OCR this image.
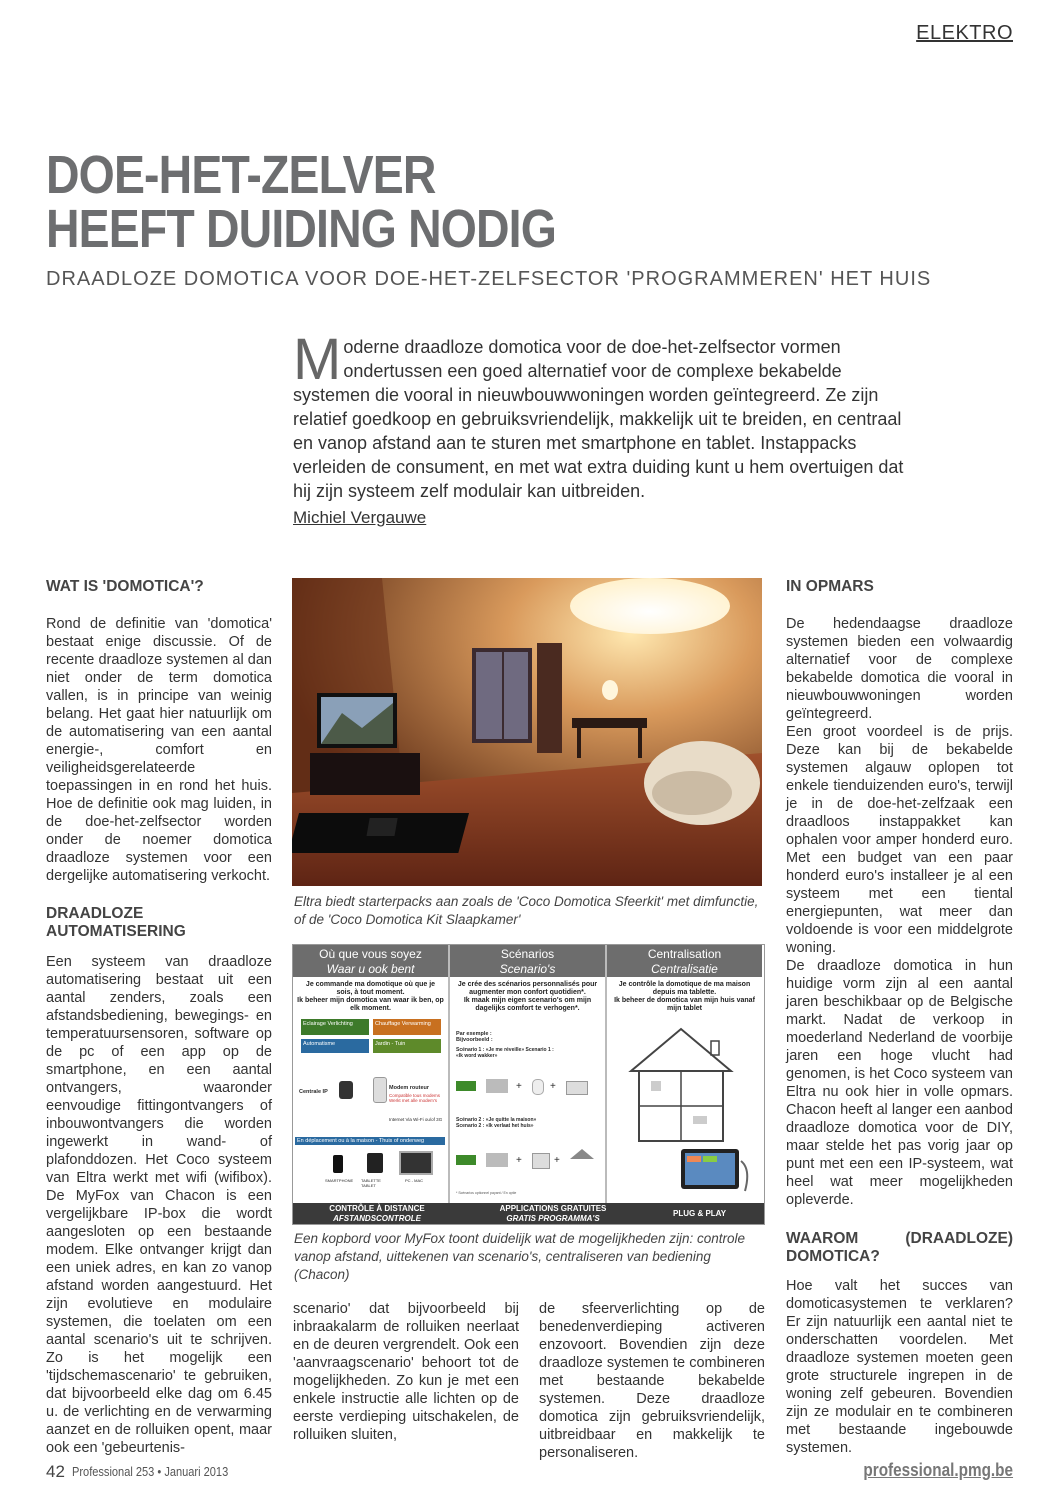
ELEKTRO
DOE-HET-ZELVER
HEEFT DUIDING NODIG
DRAADLOZE DOMOTICA VOOR DOE-HET-ZELFSECTOR 'PROGRAMMEREN' HET HUIS
Moderne draadloze domotica voor de doe-het-zelfsector vormen ondertussen een goed alternatief voor de complexe bekabelde systemen die vooral in nieuwbouwwoningen worden geïntegreerd. Ze zijn relatief goedkoop en gebruiksvriendelijk, makkelijk uit te breiden, en centraal en vanop afstand aan te sturen met smartphone en tablet. Instappacks verleiden de consument, en met wat extra duiding kunt u hem overtuigen dat hij zijn systeem zelf modulair kan uitbreiden.
Michiel Vergauwe

WAT IS 'DOMOTICA'?

Rond de definitie van 'domotica' bestaat enige discussie. Of de recente draadloze systemen al dan niet onder de term domotica vallen, is in principe van weinig belang. Het gaat hier natuurlijk om de automatisering van een aantal energie-, comfort en veiligheidsgerelateerde toepassingen in en rond het huis. Hoe de definitie ook mag luiden, in de doe-het-zelfsector worden onder de noemer domotica draadloze systemen voor een dergelijke automatisering verkocht.

DRAADLOZE AUTOMATISERING

Een systeem van draadloze automatisering bestaat uit een aantal zenders, zoals een afstandsbediening, bewegings- en temperatuursensoren, software op de pc of een app op de smartphone, en een aantal ontvangers, waaronder eenvoudige fittingontvangers of inbouwontvangers die worden ingewerkt in wand- of plafonddozen. Het Coco systeem van Eltra werkt met wifi (wifibox). De MyFox van Chacon is een vergelijkbare IP-box die wordt aangesloten op een bestaande modem. Elke ontvanger krijgt dan een uniek adres, en kan zo vanop afstand worden aangestuurd. Het zijn evolutieve en modulaire systemen, die toelaten om een aantal scenario's uit te schrijven. Zo is het mogelijk een 'tijdschemascenario' te gebruiken, dat bijvoorbeeld elke dag om 6.45 u. de verlichting en de verwarming aanzet en de rolluiken opent, maar ook een 'gebeurtenis-

Eltra biedt starterpacks aan zoals de 'Coco Domotica Sfeerkit' met dimfunctie, of de 'Coco Domotica Kit Slaapkamer'
Où que vous soyez
Waar u ook bent
Je commande ma domotique où que je sois, à tout moment.
Ik beheer mijn domotica van waar ik ben, op elk moment.
Eclairage Verlichting	Chauffage Verwarming
Automatisme	Jardin - Tuin
Centrale IP
Modem routeur
Compatible tous modems Werkt met alle modem's
Internet Via Wi-Fi ou/of 3G
En déplacement ou à la maison - Thuis of onderweg
SMARTPHONE TABLETTE TABLET
PC - MAC
Scénarios
Scenario's
Je crée des scénarios personnalisés pour augmenter mon confort quotidien*.
Ik maak mijn eigen scenario's om mijn dagelijks comfort te verhogen*.
Par exemple : Bijvoorbeeld :
Scénario 1 : «Je me réveille» Scenario 1 : «Ik word wakker»
+	+
Scénario 2 : «Je quitte la maison» Scenario 2 : «Ik verlaat het huis»
+	+
* Scénarios optionnel payant / En optie
Centralisation
Centralisatie
Je contrôle la domotique de ma maison depuis ma tablette.
Ik beheer de domotica van mijn huis vanaf mijn tablet
CONTRÔLE À DISTANCE
AFSTANDSCONTROLE
APPLICATIONS GRATUITES
GRATIS PROGRAMMA'S
PLUG & PLAY
Een kopbord voor MyFox toont duidelijk wat de mogelijkheden zijn: controle vanop afstand, uittekenen van scenario's, centraliseren van bediening (Chacon)

scenario' dat bijvoorbeeld bij inbraakalarm de rolluiken neerlaat en de deuren vergrendelt. Ook een 'aanvraagscenario' behoort tot de mogelijkheden. Zo kun je met een enkele instructie alle lichten op de eerste verdieping uitschakelen, de rolluiken sluiten,

de sfeerverlichting op de benedenverdieping activeren enzovoort. Bovendien zijn deze draadloze systemen te combineren met bestaande bekabelde systemen. Deze draadloze domotica zijn gebruiksvriendelijk, uitbreidbaar en makkelijk te personaliseren.

IN OPMARS

De hedendaagse draadloze systemen bieden een volwaardig alternatief voor de complexe bekabelde domotica die vooral in nieuwbouwwoningen worden geïntegreerd.

Een groot voordeel is de prijs. Deze kan bij de bekabelde systemen algauw oplopen tot enkele tienduizenden euro's, terwijl je in de doe-het-zelfzaak een draadloos instappakket kan ophalen voor amper honderd euro. Met een budget van een paar honderd euro's installeer je al een systeem met een tiental energiepunten, wat meer dan voldoende is voor een middelgrote woning.

De draadloze domotica in hun huidige vorm zijn al een aantal jaren beschikbaar op de Belgische markt. Nadat de verkoop in moederland Nederland de voorbije jaren een hoge vlucht had genomen, is het Coco systeem van Eltra nu ook hier in volle opmars. Chacon heeft al langer een aanbod draadloze domotica voor de DIY, maar stelde het pas vorig jaar op punt met een een IP-systeem, wat heel wat meer mogelijkheden opleverde.

WAAROM (DRAADLOZE) DOMOTICA?

Hoe valt het succes van domoticasystemen te verklaren? Er zijn natuurlijk een aantal niet te onderschatten voordelen. Met draadloze systemen moeten geen grote structurele ingrepen in de woning zelf gebeuren. Bovendien zijn ze modulair en te combineren met bestaande ingebouwde systemen.

42 Professional 253 • Januari 2013	professional.pmg.be
